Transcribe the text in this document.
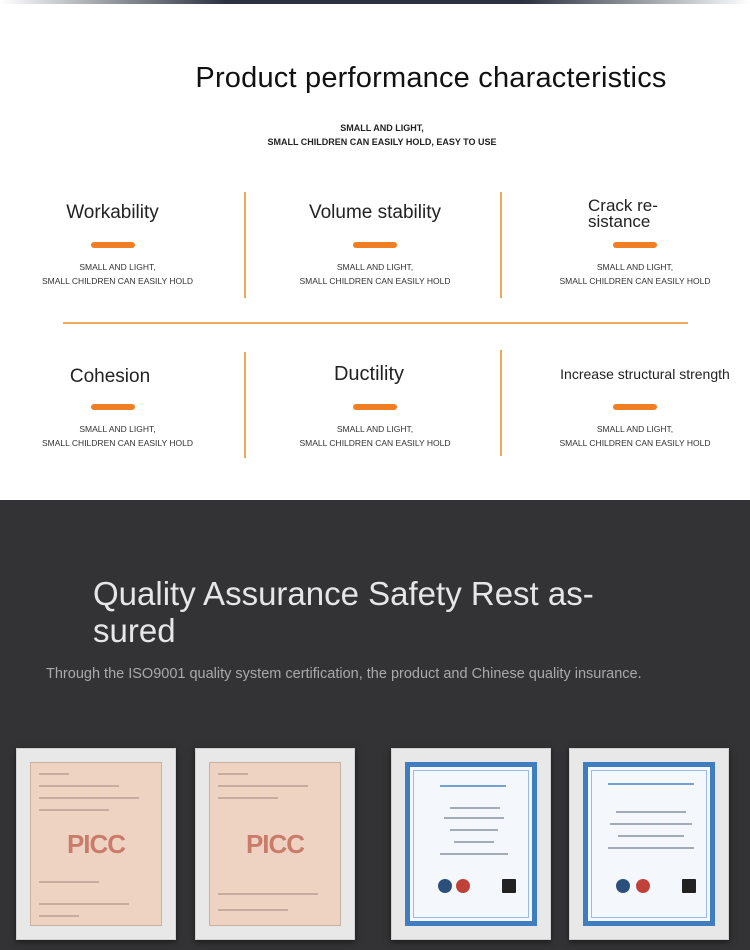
Product performance characteristics
SMALL AND LIGHT,
SMALL CHILDREN CAN EASILY HOLD, EASY TO USE
Workability
SMALL AND LIGHT,
SMALL CHILDREN CAN EASILY HOLD
Volume stability
SMALL AND LIGHT,
SMALL CHILDREN CAN EASILY HOLD
Crack re-
sistance
SMALL AND LIGHT,
SMALL CHILDREN CAN EASILY HOLD
Cohesion
SMALL AND LIGHT,
SMALL CHILDREN CAN EASILY HOLD
Ductility
SMALL AND LIGHT,
SMALL CHILDREN CAN EASILY HOLD
Increase structural strength
SMALL AND LIGHT,
SMALL CHILDREN CAN EASILY HOLD
Quality Assurance Safety Rest as-
sured
Through the ISO9001 quality system certification, the product and Chinese quality insurance.
PICC	PICC
